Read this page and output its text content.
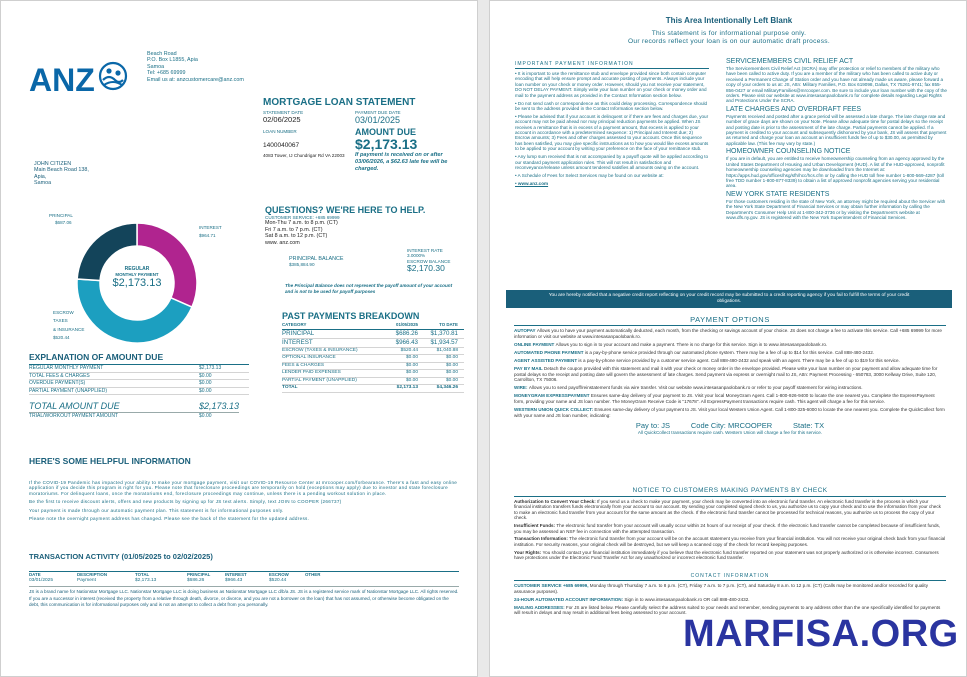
ANZ
Beach Road
P.O. Box L1855, Apia
Samoa
Tel: +685 69999
Email us at: anzcustomercare@anz.com
JOHN CITIZEN
Main Beach Road 138,
Apia,
Samoa
MORTGAGE LOAN STATEMENT
STATEMENT DATE
02/06/2025
PAYMENT DUE DATE
03/01/2025
LOAN NUMBER
1400040067
4083 Tower, IJ Chundrigar Rd VA 22003
AMOUNT DUE
$2,173.13
If payment is received on or after 03/06/2026, a $62.63 late fee will be charged.
PRINCIPAL
$687.06
INTEREST
$964.71
REGULAR
MONTHLY PAYMENT
$2,173.13
ESCROW
TAXES
& INSURANCE
$520.44
QUESTIONS? WE'RE HERE TO HELP.
CUSTOMER SERVICE: +685 69999
Mon-Thu 7 a.m. to 8 p.m. (CT)
Fri 7 a.m. to 7 p.m. (CT)
Sat 8 a.m. to 12 p.m. (CT)
www. anz.com
PRINCIPAL BALANCE
$385,884.90
INTEREST RATE
3.0000%
ESCROW BALANCE
$2,170.30
The Principal Balance does not represent the payoff amount of your account and is not to be used for payoff purposes
PAST PAYMENTS BREAKDOWN
CATEGORY	01/05/2025	TO DATE
PRINCIPAL	$686.26	$1,370.81
INTEREST	$966.43	$1,934.57
ESCROW (TAXES & INSURANCE)	$520.44	$1,040.88
OPTIONAL INSURANCE	$0.00	$0.00
FEES & CHARGES	$0.00	$0.00
LENDER PAID EXPENSES	$0.00	$0.00
PARTIAL PAYMENT (UNAPPLIED)	$0.00	$0.00
TOTAL	$2,173.13	$4,346.26
EXPLANATION OF AMOUNT DUE
REGULAR MONTHLY PAYMENT	$2,173.13
TOTAL FEES & CHARGES	$0.00
OVERDUE PAYMENT(S)	$0.00
PARTIAL PAYMENT (UNAPPLIED)	$0.00
TOTAL AMOUNT DUE	$2,173.13
TRIAL/WORKOUT PAYMENT AMOUNT	$0.00
HERE'S SOME HELPFUL INFORMATION
If the COVID-19 Pandemic has impacted your ability to make your mortgage payment, visit our COVID-19 Resource Center at mrcooper.com/forbearance. There's a fast and easy online application if you decide this program is right for you. Please note that foreclosure proceedings are temporarily on hold (exceptions may apply) due to investor and state foreclosure moratoriums. For delinquent loans, once the moratoriums end, foreclosure proceedings may continue, unless there is a pending workout solution in place.
Be the first to receive discount alerts, offers and new products by signing up for JS text alerts. Simply, text JOIN to COOPER (266737)
Your payment is made through our automatic payment plan. This statement is for informational purposes only.
Please note the overnight payment address has changed. Please see the back of the statement for the updated address.
TRANSACTION ACTIVITY (01/05/2025 to 02/02/2025)
DATE	DESCRIPTION	TOTAL	PRINCIPAL	INTEREST	ESCROW	OTHER
03/01/2025	Payment	$2,173.13	$686.26	$966.43	$520.44
JS is a brand name for Nationstar Mortgage LLC. Nationstar Mortgage LLC is doing business as Nationstar Mortgage LLC d/b/a JS. JS is a registered service mark of Nationstar Mortgage LLC. All rights reserved.
If you are a successor in interest (received the property from a relative through death, divorce, or divorce, and you are not a borrower on the loan) that has not assumed, or otherwise become obligated on the debt, this communication is for informational purposes only and is not an attempt to collect a debt from you personally.
This Area Intentionally Left Blank
This statement is for informational purpose only.
Our records reflect your loan is on our automatic draft process.
IMPORTANT PAYMENT INFORMATION
• It is important to use the remittance stub and envelope provided since both contain computer encoding that will help ensure prompt and accurate posting of payments. Always include your loan number on your check or money order. However, should you not receive your statement, DO NOT DELAY PAYMENT. Simply write your loan number on your check or money order and mail to the payment address as provided in the Contact Information section below.
• Do not send cash or correspondence as this could delay processing. Correspondence should be sent to the address provided in the Contact Information section below.
• Please be advised that if your account is delinquent or if there are fees and charges due, your account may not be paid ahead nor may principal reduction payments be applied. When JS receives a remittance that is in excess of a payment amount, that excess is applied to your account in accordance with a predetermined sequence: 1) Principal and Interest due; 2) Escrow amounts; 3) Fees and other charges assessed to your account. Once this sequence has been satisfied, you may give specific instructions as to how you would like excess amounts to be applied to your account by writing your preference on the face of your remittance stub.
• Any lump sum received that is not accompanied by a payoff quote will be applied according to our standard payment application rules. This will not result in satisfaction and reconveyance/release unless amount tendered satisfies all amounts owing on the account.
• A Schedule of Fees for Select Services may be found on our website at:
• www.anz.com
SERVICEMEMBERS CIVIL RELIEF ACT
The Servicemembers Civil Relief Act (SCRA) may offer protection or relief to members of the military who have been called to active duty. If you are a member of the military who has been called to active duty or received a Permanent Change of Station order and you have not already made us aware, please forward a copy of your orders to us at: JS, Attn: Military Families, P.O. Box 619098, Dallas, TX 75261-9741; fax 855-856-0427 or email MilitaryFamilies@mrcooper.com. Be sure to include your loan number with the copy of the orders. Please visit our website at www.intesasanpaolobank.ro for complete details regarding Legal Rights and Protections Under the SCRA.
LATE CHARGES AND OVERDRAFT FEES
Payments received and posted after a grace period will be assessed a late charge. The late charge rate and number of grace days are shown on your Note. Please allow adequate time for postal delays so the receipt and posting date is prior to the assessment of the late charge. Partial payments cannot be applied. If a payment is credited to your account and subsequently dishonored by your bank, JS will assess that payment as returned and charge your loan an account an insufficient funds fee of up to $30.00, as permitted by applicable law. (This fee may vary by state.)
HOMEOWNER COUNSELING NOTICE
If you are in default, you are entitled to receive homeownership counseling from an agency approved by the United States Department of Housing and Urban Development (HUD). A list of the HUD-approved, nonprofit homeownership counseling agencies may be downloaded from the Internet at: https://apps.hud.gov/offices/hsg/sfh/hcc/hcs.cfm or by calling the HUD toll free number 1-800-569-4287 (toll free TDD number 1-800-877-8339) to obtain a list of approved nonprofit agencies serving your residential area.
NEW YORK STATE RESIDENTS
For those customers residing in the state of New York, an attorney might be required about the Servicer with the New York State Department of Financial Services or may obtain further information by calling the Department's Consumer Help Unit at 1-800-342-3736 or by visiting the Department's website at www.dfs.ny.gov. JS is registered with the New York Superintendent of Financial Services.
You are hereby notified that a negative credit report reflecting on your credit record may be submitted to a credit reporting agency if you fail to fulfill the terms of your credit obligations.
PAYMENT OPTIONS
AUTOPAY Allows you to have your payment automatically deducted, each month, from the checking or savings account of your choice. JS does not charge a fee to activate this service. Call +685 69999 for more information or visit our website at www.intesasanpaolobank.ro.
ONLINE PAYMENT Allows you to sign in to your account and make a payment. There is no charge for this service. Sign in to www.intesasanpaolobank.ro.
AUTOMATED PHONE PAYMENT is a pay-by-phone service provided through our automated phone system. There may be a fee of up to $14 for this service. Call 888-480-2432.
AGENT ASSISTED PAYMENT is a pay-by-phone service provided by a customer service agent. Call 888-480-2432 and speak with an agent. There may be a fee of up to $19 for this service.
PAY BY MAIL Detach the coupon provided with this statement and mail it with your check or money order in the envelope provided. Please write your loan number on your payment and allow adequate time for postal delays so the receipt and posting date will govern the assessment of late charges. Send payment via express or overnight mail to JS, Attn: Payment Processing - 650783, 3000 Kellway Drive, Suite 120, Carrollton, TX 75006.
WIRE: Allows you to send payoff/reinstatement funds via wire transfer. Visit our website www.intesasanpaolobank.ro or refer to your payoff statement for wiring instructions.
MONEYGRAM EXPRESSPAYMENT Ensures same-day delivery of your payment to JS. Visit your local MoneyGram Agent. Call 1-800-926-9400 to locate the one nearest you. Complete the ExpressPayment form, providing your name and JS loan number. The MoneyGram Receive Code is "17678". All ExpressPayment transactions require cash. This agent will charge a fee for this service.
WESTERN UNION QUICK COLLECT: Ensures same-day delivery of your payment to JS. Visit your local Western Union Agent. Call 1-800-325-6000 to locate the one nearest you. Complete the QuickCollect form with your name and JS loan number, indicating:
Pay to: JS          Code City: MRCOOPER          State: TX
All QuickCollect transactions require cash. Western Union will charge a fee for this service.
NOTICE TO CUSTOMERS MAKING PAYMENTS BY CHECK
Authorization to Convert Your Check: If you send us a check to make your payment, your check may be converted into an electronic fund transfer. An electronic fund transfer is the process in which your financial institution transfers funds electronically from your account to our account. By sending your completed signed check to us, you authorize us to copy your check and to use the information from your check to make an electronic fund transfer from your account for the same amount as the check. If the electronic fund transfer cannot be processed for technical reasons, you authorize us to process the copy of your check.
Insufficient Funds: The electronic fund transfer from your account will usually occur within 24 hours of our receipt of your check. If the electronic fund transfer cannot be completed because of insufficient funds, you may be assessed an NSF fee in connection with the attempted transaction.
Transaction Information: The electronic fund transfer from your account will be on the account statement you receive from your financial institution. You will not receive your original check back from your financial institution. For security reasons, your original check will be destroyed, but we will keep a scanned copy of the check for record keeping purposes.
Your Rights: You should contact your financial institution immediately if you believe that the electronic fund transfer reported on your statement was not properly authorized or is otherwise incorrect. Consumers have protections under the Electronic Fund Transfer Act for any unauthorized or incorrect electronic fund transfer.
CONTACT INFORMATION
CUSTOMER SERVICE +685 69999, Monday through Thursday 7 a.m. to 8 p.m. (CT), Friday 7 a.m. to 7 p.m. (CT), and Saturday 8 a.m. to 12 p.m. (CT) (Calls may be monitored and/or recorded for quality assurance purposes).
24-HOUR AUTOMATED ACCOUNT INFORMATION: Sign in to www.intesasanpaolobank.ro OR call 888-480-2432.
MAILING ADDRESSES: For JS are listed below. Please carefully select the address suited to your needs and remember, sending payments to any address other than the one specifically identified for payments will result in delays and may result in additional fees being assessed to your account.
MARFISA.ORG
